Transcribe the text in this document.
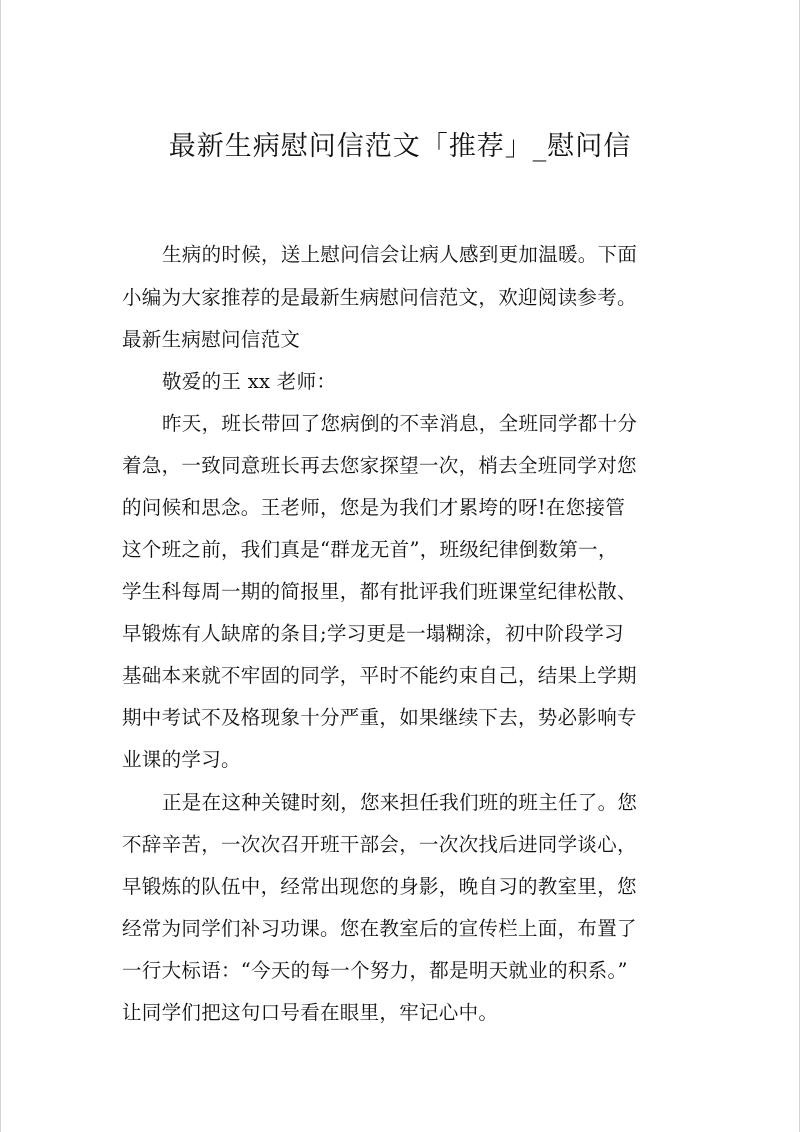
最新生病慰问信范文「推荐」_慰问信
生病的时候，送上慰问信会让病人感到更加温暖。下面
小编为大家推荐的是最新生病慰问信范文，欢迎阅读参考。
最新生病慰问信范文
敬爱的王 xx 老师：
昨天，班长带回了您病倒的不幸消息，全班同学都十分
着急，一致同意班长再去您家探望一次，梢去全班同学对您
的问候和思念。王老师，您是为我们才累垮的呀!在您接管
这个班之前，我们真是“群龙无首”，班级纪律倒数第一，
学生科每周一期的简报里，都有批评我们班课堂纪律松散、
早锻炼有人缺席的条目;学习更是一塌糊涂，初中阶段学习
基础本来就不牢固的同学，平时不能约束自己，结果上学期
期中考试不及格现象十分严重，如果继续下去，势必影响专
业课的学习。
正是在这种关键时刻，您来担任我们班的班主任了。您
不辞辛苦，一次次召开班干部会，一次次找后进同学谈心，
早锻炼的队伍中，经常出现您的身影，晚自习的教室里，您
经常为同学们补习功课。您在教室后的宣传栏上面，布置了
一行大标语：“今天的每一个努力，都是明天就业的积系。”
让同学们把这句口号看在眼里，牢记心中。
